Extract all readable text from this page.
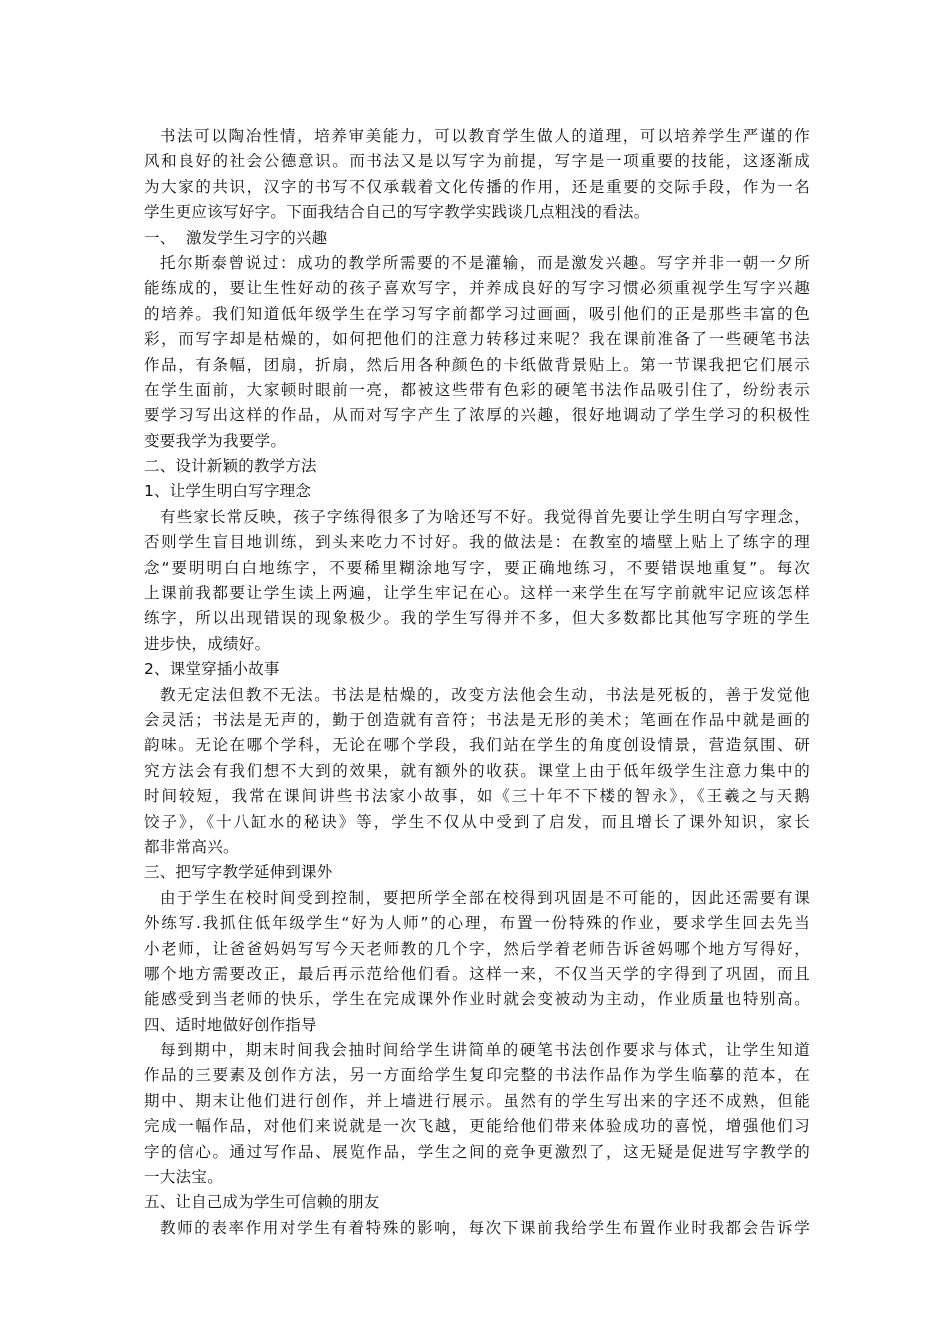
书法可以陶冶性情，培养审美能力，可以教育学生做人的道理，可以培养学生严谨的作
风和良好的社会公德意识。而书法又是以写字为前提，写字是一项重要的技能，这逐渐成
为大家的共识，汉字的书写不仅承载着文化传播的作用，还是重要的交际手段，作为一名
学生更应该写好字。下面我结合自己的写字教学实践谈几点粗浅的看法。
一、 激发学生习字的兴趣
托尔斯泰曾说过：成功的教学所需要的不是灌输，而是激发兴趣。写字并非一朝一夕所
能练成的，要让生性好动的孩子喜欢写字，并养成良好的写字习惯必须重视学生写字兴趣
的培养。我们知道低年级学生在学习写字前都学习过画画，吸引他们的正是那些丰富的色
彩，而写字却是枯燥的，如何把他们的注意力转移过来呢？我在课前准备了一些硬笔书法
作品，有条幅，团扇，折扇，然后用各种颜色的卡纸做背景贴上。第一节课我把它们展示
在学生面前，大家顿时眼前一亮，都被这些带有色彩的硬笔书法作品吸引住了，纷纷表示
要学习写出这样的作品，从而对写字产生了浓厚的兴趣，很好地调动了学生学习的积极性
变要我学为我要学。
二、设计新颖的教学方法
1、让学生明白写字理念
有些家长常反映，孩子字练得很多了为啥还写不好。我觉得首先要让学生明白写字理念，
否则学生盲目地训练，到头来吃力不讨好。我的做法是：在教室的墙壁上贴上了练字的理
念“要明明白白地练字，不要稀里糊涂地写字，要正确地练习，不要错误地重复”。每次
上课前我都要让学生读上两遍，让学生牢记在心。这样一来学生在写字前就牢记应该怎样
练字，所以出现错误的现象极少。我的学生写得并不多，但大多数都比其他写字班的学生
进步快，成绩好。
2、课堂穿插小故事
教无定法但教不无法。书法是枯燥的，改变方法他会生动，书法是死板的，善于发觉他
会灵活；书法是无声的，勤于创造就有音符；书法是无形的美术；笔画在作品中就是画的
韵味。无论在哪个学科，无论在哪个学段，我们站在学生的角度创设情景，营造氛围、研
究方法会有我们想不大到的效果，就有额外的收获。课堂上由于低年级学生注意力集中的
时间较短，我常在课间讲些书法家小故事，如《三十年不下楼的智永》，《王羲之与天鹅
饺子》，《十八缸水的秘诀》等，学生不仅从中受到了启发，而且增长了课外知识，家长
都非常高兴。
三、把写字教学延伸到课外
由于学生在校时间受到控制，要把所学全部在校得到巩固是不可能的，因此还需要有课
外练写.我抓住低年级学生“好为人师”的心理，布置一份特殊的作业，要求学生回去先当
小老师，让爸爸妈妈写写今天老师教的几个字，然后学着老师告诉爸妈哪个地方写得好，
哪个地方需要改正，最后再示范给他们看。这样一来，不仅当天学的字得到了巩固，而且
能感受到当老师的快乐，学生在完成课外作业时就会变被动为主动，作业质量也特别高。
四、适时地做好创作指导
每到期中，期末时间我会抽时间给学生讲简单的硬笔书法创作要求与体式，让学生知道
作品的三要素及创作方法，另一方面给学生复印完整的书法作品作为学生临摹的范本，在
期中、期末让他们进行创作，并上墙进行展示。虽然有的学生写出来的字还不成熟，但能
完成一幅作品，对他们来说就是一次飞越，更能给他们带来体验成功的喜悦，增强他们习
字的信心。通过写作品、展览作品，学生之间的竞争更激烈了，这无疑是促进写字教学的
一大法宝。
五、让自己成为学生可信赖的朋友
教师的表率作用对学生有着特殊的影响，每次下课前我给学生布置作业时我都会告诉学
